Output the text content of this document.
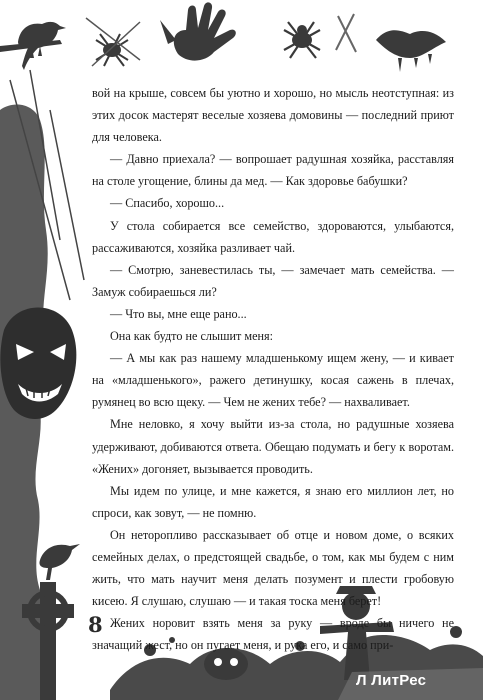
вой на крыше, совсем бы уютно и хорошо, но мысль неотступная: из этих досок мастерят веселые хозяева домовины — последний приют для человека.

— Давно приехала? — вопрошает радушная хозяйка, расставляя на столе угощение, блины да мед. — Как здоровье бабушки?

— Спасибо, хорошо...

У стола собирается все семейство, здороваются, улыбаются, рассаживаются, хозяйка разливает чай.

— Смотрю, заневестилась ты, — замечает мать семейства. — Замуж собираешься ли?

— Что вы, мне еще рано...

Она как будто не слышит меня:

— А мы как раз нашему младшенькому ищем жену, — и кивает на «младшенького», ражего детинушку, косая сажень в плечах, румянец во всю щеку. — Чем не жених тебе? — нахваливает.

Мне неловко, я хочу выйти из-за стола, но радушные хозяева удерживают, добиваются ответа. Обещаю подумать и бегу к воротам. «Жених» догоняет, вызывается проводить.

Мы идем по улице, и мне кажется, я знаю его миллион лет, но спроси, как зовут, — не помню.

Он неторопливо рассказывает об отце и новом доме, о всяких семейных делах, о предстоящей свадьбе, о том, как мы будем с ним жить, что мать научит меня делать позумент и плести гробовую кисею. Я слушаю, слушаю — и такая тоска меня берет!

Жених норовит взять меня за руку — вроде бы ничего не значащий жест, но он пугает меня, и рука его, и само при-

8
Л ЛитРес
